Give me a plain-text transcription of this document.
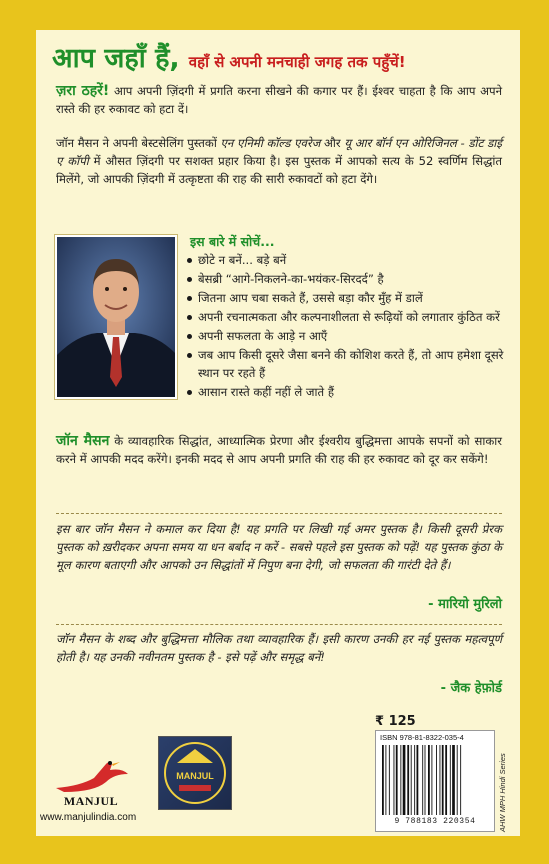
आप जहाँ हैं, वहाँ से अपनी मनचाही जगह तक पहुँचें!
ज़रा ठहरें! आप अपनी ज़िंदगी में प्रगति करना सीखने की कगार पर हैं। ईश्वर चाहता है कि आप अपने रास्ते की हर रुकावट को हटा दें।
जॉन मैसन ने अपनी बेस्टसेलिंग पुस्तकों एन एनिमी कॉल्ड एवरेज और यू आर बॉर्न एन ओरिजिनल - डोंट डाई ए कॉपी में औसत ज़िंदगी पर सशक्त प्रहार किया है। इस पुस्तक में आपको सत्य के 52 स्वर्णिम सिद्धांत मिलेंगे, जो आपकी ज़िंदगी में उत्कृष्टता की राह की सारी रुकावटों को हटा देंगे।
इस बारे में सोचें...
छोटे न बनें... बड़े बनें
बेसब्री “आगे-निकलने-का-भयंकर-सिरदर्द” है
जितना आप चबा सकते हैं, उससे बड़ा कौर मुँह में डालें
अपनी रचनात्मकता और कल्पनाशीलता से रूढ़ियों को लगातार कुंठित करें
अपनी सफलता के आड़े न आएँ
जब आप किसी दूसरे जैसा बनने की कोशिश करते हैं, तो आप हमेशा दूसरे स्थान पर रहते हैं
आसान रास्ते कहीं नहीं ले जाते हैं
जॉन मैसन के व्यावहारिक सिद्धांत, आध्यात्मिक प्रेरणा और ईश्वरीय बुद्धिमत्ता आपके सपनों को साकार करने में आपकी मदद करेंगे। इनकी मदद से आप अपनी प्रगति की राह की हर रुकावट को दूर कर सकेंगे!
इस बार जॉन मैसन ने कमाल कर दिया है! यह प्रगति पर लिखी गई अमर पुस्तक है। किसी दूसरी प्रेरक पुस्तक को ख़रीदकर अपना समय या धन बर्बाद न करें - सबसे पहले इस पुस्तक को पढ़ें! यह पुस्तक कुंठा के मूल कारण बताएगी और आपको उन सिद्धांतों में निपुण बना देगी, जो सफलता की गारंटी देते हैं।
- मारियो मुरिलो
जॉन मैसन के शब्द और बुद्धिमत्ता मौलिक तथा व्यावहारिक हैं। इसी कारण उनकी हर नई पुस्तक महत्वपूर्ण होती है। यह उनकी नवीनतम पुस्तक है - इसे पढ़ें और समृद्ध बनें!
- जैक हेफ़ोर्ड
₹ 125
ISBN 978-81-8322-035-4
9 788183 220354	AHW MPH Hindi Series
MANJUL
www.manjulindia.com
MANJUL
